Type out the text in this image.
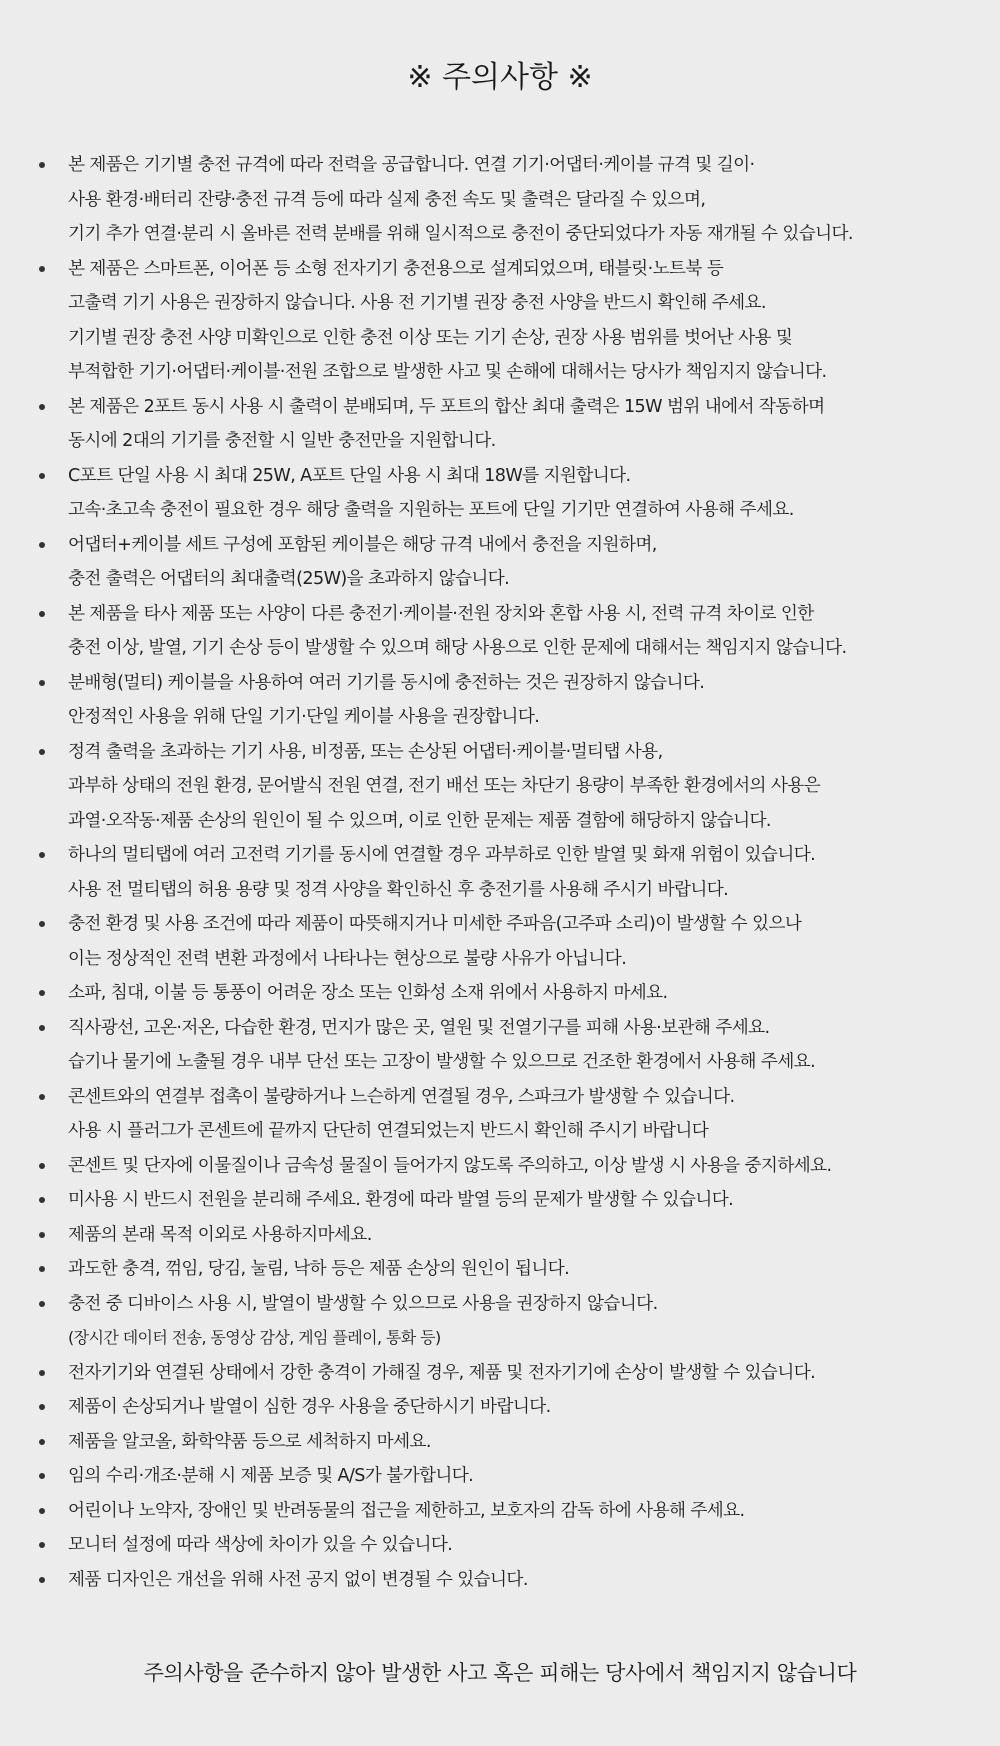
※ 주의사항 ※
본 제품은 기기별 충전 규격에 따라 전력을 공급합니다. 연결 기기·어댑터·케이블 규격 및 길이·
사용 환경·배터리 잔량·충전 규격 등에 따라 실제 충전 속도 및 출력은 달라질 수 있으며,
기기 추가 연결·분리 시 올바른 전력 분배를 위해 일시적으로 충전이 중단되었다가 자동 재개될 수 있습니다.
본 제품은 스마트폰, 이어폰 등 소형 전자기기 충전용으로 설계되었으며, 태블릿·노트북 등
고출력 기기 사용은 권장하지 않습니다. 사용 전 기기별 권장 충전 사양을 반드시 확인해 주세요.
기기별 권장 충전 사양 미확인으로 인한 충전 이상 또는 기기 손상, 권장 사용 범위를 벗어난 사용 및
부적합한 기기·어댑터·케이블·전원 조합으로 발생한 사고 및 손해에 대해서는 당사가 책임지지 않습니다.
본 제품은 2포트 동시 사용 시 출력이 분배되며, 두 포트의 합산 최대 출력은 15W 범위 내에서 작동하며
동시에 2대의 기기를 충전할 시 일반 충전만을 지원합니다.
C포트 단일 사용 시 최대 25W, A포트 단일 사용 시 최대 18W를 지원합니다.
고속·초고속 충전이 필요한 경우 해당 출력을 지원하는 포트에 단일 기기만 연결하여 사용해 주세요.
어댑터+케이블 세트 구성에 포함된 케이블은 해당 규격 내에서 충전을 지원하며,
충전 출력은 어댑터의 최대출력(25W)을 초과하지 않습니다.
본 제품을 타사 제품 또는 사양이 다른 충전기·케이블·전원 장치와 혼합 사용 시, 전력 규격 차이로 인한
충전 이상, 발열, 기기 손상 등이 발생할 수 있으며 해당 사용으로 인한 문제에 대해서는 책임지지 않습니다.
분배형(멀티) 케이블을 사용하여 여러 기기를 동시에 충전하는 것은 권장하지 않습니다.
안정적인 사용을 위해 단일 기기·단일 케이블 사용을 권장합니다.
정격 출력을 초과하는 기기 사용, 비정품, 또는 손상된 어댑터·케이블·멀티탭 사용,
과부하 상태의 전원 환경, 문어발식 전원 연결, 전기 배선 또는 차단기 용량이 부족한 환경에서의 사용은
과열·오작동·제품 손상의 원인이 될 수 있으며, 이로 인한 문제는 제품 결함에 해당하지 않습니다.
하나의 멀티탭에 여러 고전력 기기를 동시에 연결할 경우 과부하로 인한 발열 및 화재 위험이 있습니다.
사용 전 멀티탭의 허용 용량 및 정격 사양을 확인하신 후 충전기를 사용해 주시기 바랍니다.
충전 환경 및 사용 조건에 따라 제품이 따뜻해지거나 미세한 주파음(고주파 소리)이 발생할 수 있으나
이는 정상적인 전력 변환 과정에서 나타나는 현상으로 불량 사유가 아닙니다.
소파, 침대, 이불 등 통풍이 어려운 장소 또는 인화성 소재 위에서 사용하지 마세요.
직사광선, 고온·저온, 다습한 환경, 먼지가 많은 곳, 열원 및 전열기구를 피해 사용·보관해 주세요.
습기나 물기에 노출될 경우 내부 단선 또는 고장이 발생할 수 있으므로 건조한 환경에서 사용해 주세요.
콘센트와의 연결부 접촉이 불량하거나 느슨하게 연결될 경우, 스파크가 발생할 수 있습니다.
사용 시 플러그가 콘센트에 끝까지 단단히 연결되었는지 반드시 확인해 주시기 바랍니다
콘센트 및 단자에 이물질이나 금속성 물질이 들어가지 않도록 주의하고, 이상 발생 시 사용을 중지하세요.
미사용 시 반드시 전원을 분리해 주세요. 환경에 따라 발열 등의 문제가 발생할 수 있습니다.
제품의 본래 목적 이외로 사용하지마세요.
과도한 충격, 꺾임, 당김, 눌림, 낙하 등은 제품 손상의 원인이 됩니다.
충전 중 디바이스 사용 시, 발열이 발생할 수 있으므로 사용을 권장하지 않습니다.
(장시간 데이터 전송, 동영상 감상, 게임 플레이, 통화 등)
전자기기와 연결된 상태에서 강한 충격이 가해질 경우, 제품 및 전자기기에 손상이 발생할 수 있습니다.
제품이 손상되거나 발열이 심한 경우 사용을 중단하시기 바랍니다.
제품을 알코올, 화학약품 등으로 세척하지 마세요.
임의 수리·개조·분해 시 제품 보증 및 A/S가 불가합니다.
어린이나 노약자, 장애인 및 반려동물의 접근을 제한하고, 보호자의 감독 하에 사용해 주세요.
모니터 설정에 따라 색상에 차이가 있을 수 있습니다.
제품 디자인은 개선을 위해 사전 공지 없이 변경될 수 있습니다.
주의사항을 준수하지 않아 발생한 사고 혹은 피해는 당사에서 책임지지 않습니다
